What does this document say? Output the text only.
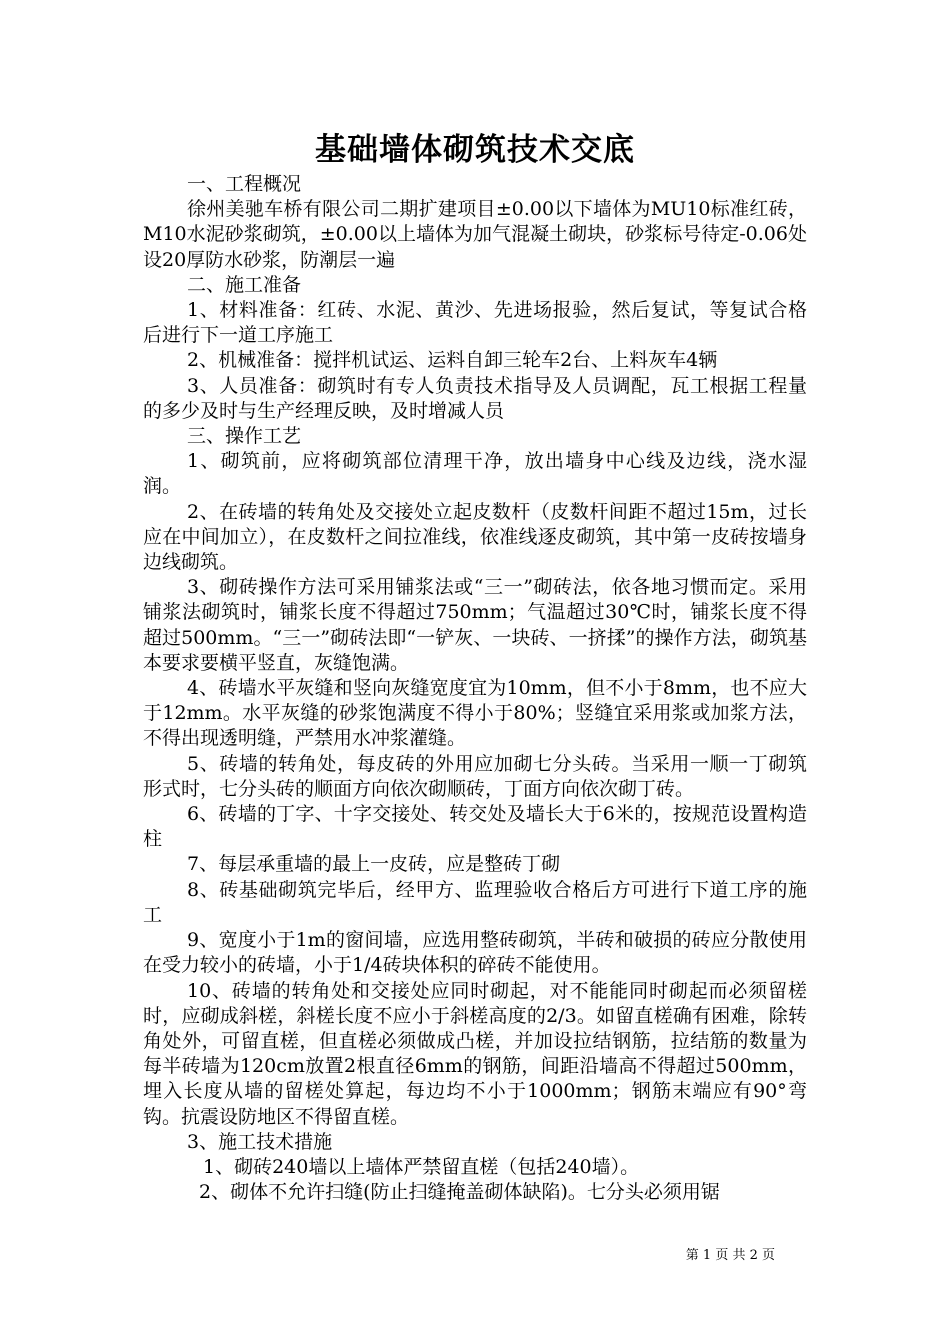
基础墙体砌筑技术交底

一、工程概况

徐州美驰车桥有限公司二期扩建项目±0.00以下墙体为MU10标准红砖，M10水泥砂浆砌筑，±0.00以上墙体为加气混凝土砌块，砂浆标号待定-0.06处设20厚防水砂浆，防潮层一遍

二、施工准备

1、材料准备：红砖、水泥、黄沙、先进场报验，然后复试，等复试合格后进行下一道工序施工

2、机械准备：搅拌机试运、运料自卸三轮车2台、上料灰车4辆

3、人员准备：砌筑时有专人负责技术指导及人员调配，瓦工根据工程量的多少及时与生产经理反映，及时增减人员

三、操作工艺

1、砌筑前，应将砌筑部位清理干净，放出墙身中心线及边线，浇水湿润。

2、在砖墙的转角处及交接处立起皮数杆（皮数杆间距不超过15m，过长应在中间加立），在皮数杆之间拉准线，依准线逐皮砌筑，其中第一皮砖按墙身边线砌筑。

3、砌砖操作方法可采用铺浆法或“三一”砌砖法，依各地习惯而定。采用铺浆法砌筑时，铺浆长度不得超过750mm；气温超过30℃时，铺浆长度不得超过500mm。“三一”砌砖法即“一铲灰、一块砖、一挤揉”的操作方法，砌筑基本要求要横平竖直，灰缝饱满。

4、砖墙水平灰缝和竖向灰缝宽度宜为10mm，但不小于8mm，也不应大于12mm。水平灰缝的砂浆饱满度不得小于80%；竖缝宜采用浆或加浆方法，不得出现透明缝，严禁用水冲浆灌缝。

5、砖墙的转角处，每皮砖的外用应加砌七分头砖。当采用一顺一丁砌筑形式时，七分头砖的顺面方向依次砌顺砖，丁面方向依次砌丁砖。

6、砖墙的丁字、十字交接处、转交处及墙长大于6米的，按规范设置构造柱

7、每层承重墙的最上一皮砖，应是整砖丁砌

8、砖基础砌筑完毕后，经甲方、监理验收合格后方可进行下道工序的施工

9、宽度小于1m的窗间墙，应选用整砖砌筑，半砖和破损的砖应分散使用在受力较小的砖墙，小于1/4砖块体积的碎砖不能使用。

10、砖墙的转角处和交接处应同时砌起，对不能能同时砌起而必须留槎时，应砌成斜槎，斜槎长度不应小于斜槎高度的2/3。如留直槎确有困难，除转角处外，可留直槎，但直槎必须做成凸槎，并加设拉结钢筋，拉结筋的数量为每半砖墙为120cm放置2根直径6mm的钢筋，间距沿墙高不得超过500mm，埋入长度从墙的留槎处算起，每边均不小于1000mm；钢筋末端应有90°弯钩。抗震设防地区不得留直槎。

3、施工技术措施

1、砌砖240墙以上墙体严禁留直槎（包括240墙）。

2、砌体不允许扫缝(防止扫缝掩盖砌体缺陷)。七分头必须用锯

第 1 页 共 2 页
